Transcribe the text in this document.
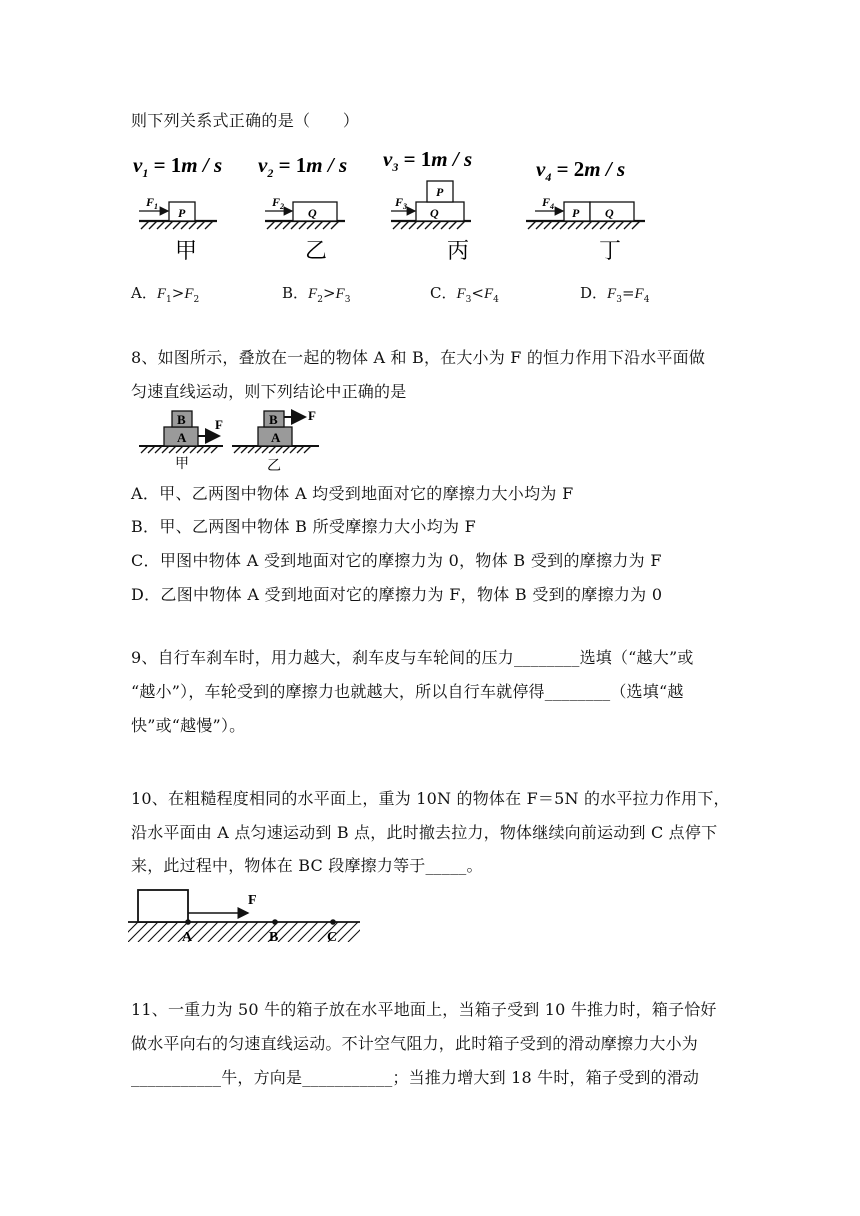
则下列关系式正确的是（　　）
$v_1 = 1m / s$
P
$F_1$
甲
$v_2 = 1m / s$
Q
$F_2$
乙
$v_3 = 1m / s$
Q
P
$F_3$
丙
$v_4 = 2m / s$
P Q
$F_4$
丁
A．$F_1>F_2$	B．$F_2>F_3$	C．$F_3<F_4$	D．$F_3=F_4$
8、如图所示，叠放在一起的物体 A 和 B，在大小为 F 的恒力作用下沿水平面做
匀速直线运动，则下列结论中正确的是
A
B F
甲
A
B F
乙
A．甲、乙两图中物体 A 均受到地面对它的摩擦力大小均为 F
B．甲、乙两图中物体 B 所受摩擦力大小均为 F
C．甲图中物体 A 受到地面对它的摩擦力为 0，物体 B 受到的摩擦力为 F
D．乙图中物体 A 受到地面对它的摩擦力为 F，物体 B 受到的摩擦力为 0
9、自行车刹车时，用力越大，刹车皮与车轮间的压力________选填（“越大”或
“越小”），车轮受到的摩擦力也就越大，所以自行车就停得________（选填“越
快”或“越慢”）。
10、在粗糙程度相同的水平面上，重为 10N 的物体在 F＝5N 的水平拉力作用下，
沿水平面由 A 点匀速运动到 B 点，此时撤去拉力，物体继续向前运动到 C 点停下
来，此过程中，物体在 BC 段摩擦力等于_____。
F
A	B	C
11、一重力为 50 牛的箱子放在水平地面上，当箱子受到 10 牛推力时，箱子恰好
做水平向右的匀速直线运动。不计空气阻力，此时箱子受到的滑动摩擦力大小为
___________牛，方向是___________；当推力增大到 18 牛时，箱子受到的滑动
